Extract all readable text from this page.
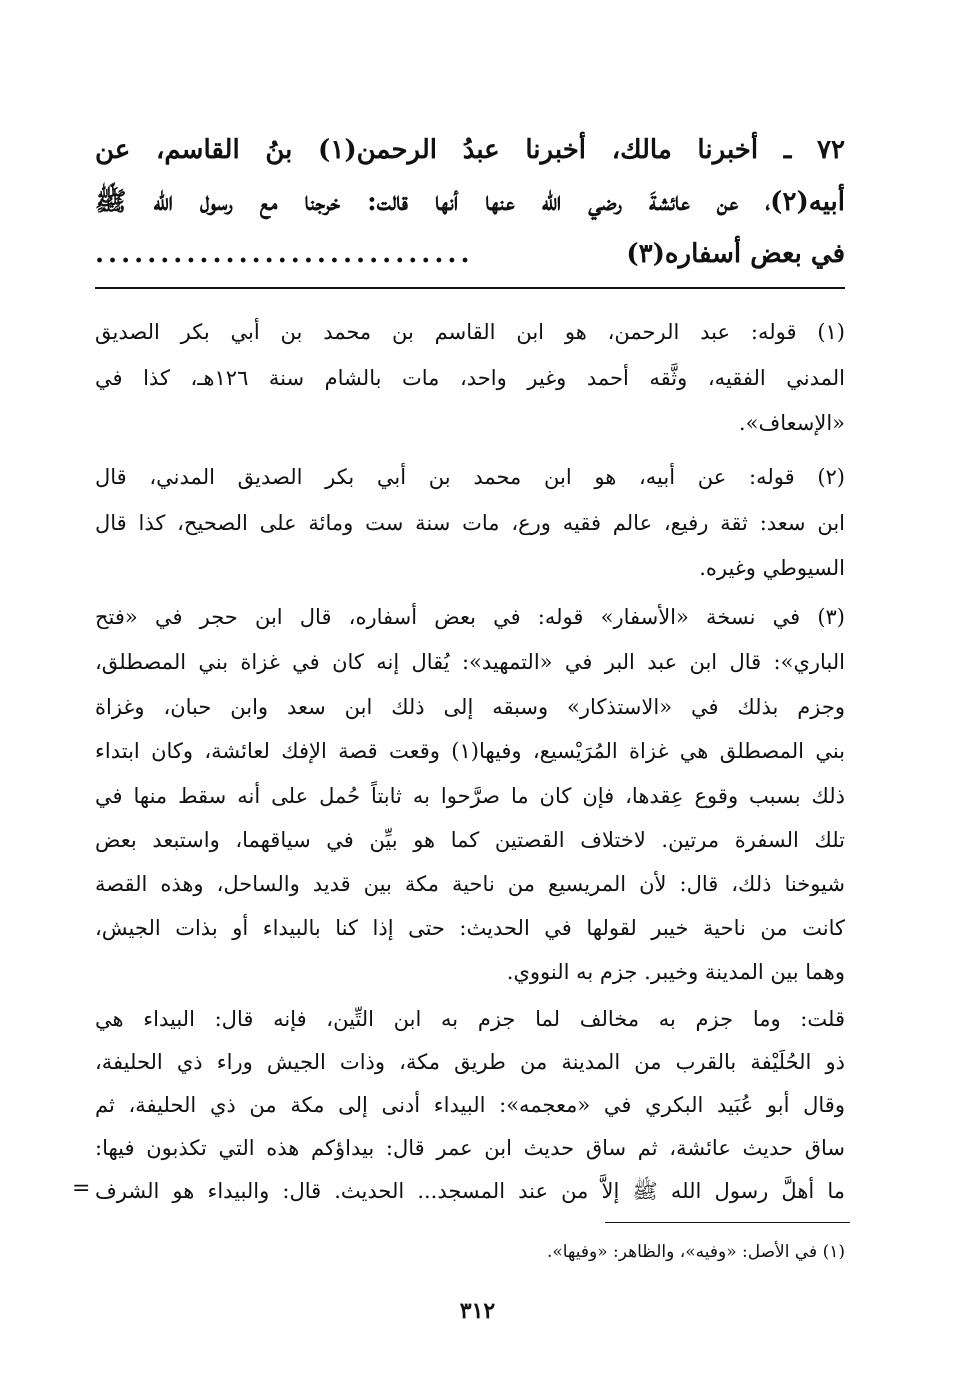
٧٢ ـ أخبرنا مالك، أخبرنا عبدُ الرحمن(١) بنُ القاسم، عن
أبيه(٢)، عن عائشةَ رضي الله عنها أنها قالت: خرجنا مع رسول الله ﷺ
في بعض أسفاره(٣)
.............................
(١) قوله: عبد الرحمن، هو ابن القاسم بن محمد بن أبي بكر الصديق
المدني الفقيه، وثَّقه أحمد وغير واحد، مات بالشام سنة ١٢٦هـ، كذا في
«الإسعاف».
(٢) قوله: عن أبيه، هو ابن محمد بن أبي بكر الصديق المدني، قال
ابن سعد: ثقة رفيع، عالم فقيه ورع، مات سنة ست ومائة على الصحيح، كذا قال
السيوطي وغيره.
(٣) في نسخة «الأسفار» قوله: في بعض أسفاره، قال ابن حجر في «فتح
الباري»: قال ابن عبد البر في «التمهيد»: يُقال إنه كان في غزاة بني المصطلق،
وجزم بذلك في «الاستذكار» وسبقه إلى ذلك ابن سعد وابن حبان، وغزاة
بني المصطلق هي غزاة المُرَيْسيع، وفيها(١) وقعت قصة الإفك لعائشة، وكان ابتداء
ذلك بسبب وقوع عِقدها، فإن كان ما صرَّحوا به ثابتاً حُمل على أنه سقط منها في
تلك السفرة مرتين. لاختلاف القصتين كما هو بيِّن في سياقهما، واستبعد بعض
شيوخنا ذلك، قال: لأن المريسيع من ناحية مكة بين قديد والساحل، وهذه القصة
كانت من ناحية خيبر لقولها في الحديث: حتى إذا كنا بالبيداء أو بذات الجيش،
وهما بين المدينة وخيبر. جزم به النووي.
قلت: وما جزم به مخالف لما جزم به ابن التِّين، فإنه قال: البيداء هي
ذو الحُلَيْفة بالقرب من المدينة من طريق مكة، وذات الجيش وراء ذي الحليفة،
وقال أبو عُبَيد البكري في «معجمه»: البيداء أدنى إلى مكة من ذي الحليفة، ثم
ساق حديث عائشة، ثم ساق حديث ابن عمر قال: بيداؤكم هذه التي تكذبون فيها:
ما أهلَّ رسول الله ﷺ إلاَّ من عند المسجد... الحديث. قال: والبيداء هو الشرف
=
(١) في الأصل: «وفيه»، والظاهر: «وفيها».
٣١٢
